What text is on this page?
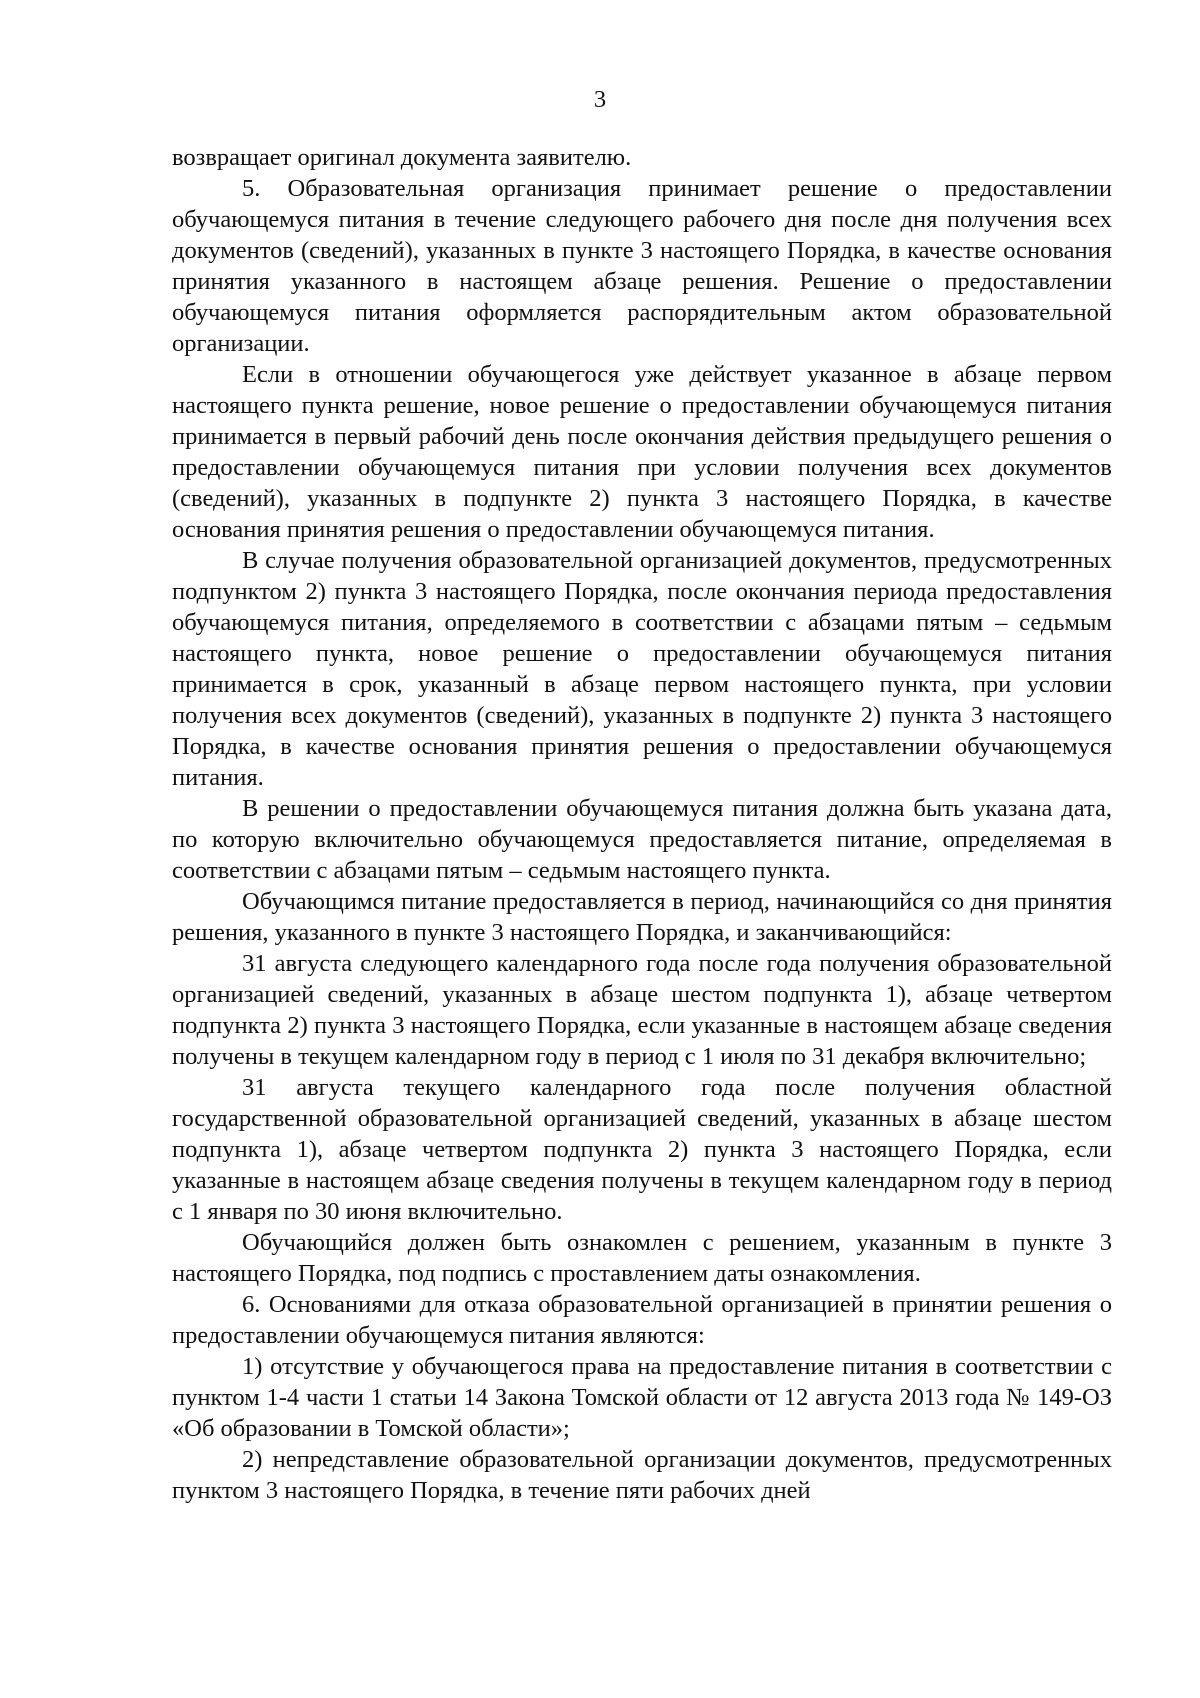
3

возвращает оригинал документа заявителю.

5. Образовательная организация принимает решение о предоставлении обучающемуся питания в течение следующего рабочего дня после дня получения всех документов (сведений), указанных в пункте 3 настоящего Порядка, в качестве основания принятия указанного в настоящем абзаце решения. Решение о предоставлении обучающемуся питания оформляется распорядительным актом образовательной организации.

Если в отношении обучающегося уже действует указанное в абзаце первом настоящего пункта решение, новое решение о предоставлении обучающемуся питания принимается в первый рабочий день после окончания действия предыдущего решения о предоставлении обучающемуся питания при условии получения всех документов (сведений), указанных в подпункте 2) пункта 3 настоящего Порядка, в качестве основания принятия решения о предоставлении обучающемуся питания.

В случае получения образовательной организацией документов, предусмотренных подпунктом 2) пункта 3 настоящего Порядка, после окончания периода предоставления обучающемуся питания, определяемого в соответствии с абзацами пятым – седьмым настоящего пункта, новое решение о предоставлении обучающемуся питания принимается в срок, указанный в абзаце первом настоящего пункта, при условии получения всех документов (сведений), указанных в подпункте 2) пункта 3 настоящего Порядка, в качестве основания принятия решения о предоставлении обучающемуся питания.

В решении о предоставлении обучающемуся питания должна быть указана дата, по которую включительно обучающемуся предоставляется питание, определяемая в соответствии с абзацами пятым – седьмым настоящего пункта.

Обучающимся питание предоставляется в период, начинающийся со дня принятия решения, указанного в пункте 3 настоящего Порядка, и заканчивающийся:

31 августа следующего календарного года после года получения образовательной организацией сведений, указанных в абзаце шестом подпункта 1), абзаце четвертом подпункта 2) пункта 3 настоящего Порядка, если указанные в настоящем абзаце сведения получены в текущем календарном году в период с 1 июля по 31 декабря включительно;

31 августа текущего календарного года после получения областной государственной образовательной организацией сведений, указанных в абзаце шестом подпункта 1), абзаце четвертом подпункта 2) пункта 3 настоящего Порядка, если указанные в настоящем абзаце сведения получены в текущем календарном году в период с 1 января по 30 июня включительно.

Обучающийся должен быть ознакомлен с решением, указанным в пункте 3 настоящего Порядка, под подпись с проставлением даты ознакомления.

6. Основаниями для отказа образовательной организацией в принятии решения о предоставлении обучающемуся питания являются:

1) отсутствие у обучающегося права на предоставление питания в соответствии с пунктом 1-4 части 1 статьи 14 Закона Томской области от 12 августа 2013 года № 149-ОЗ «Об образовании в Томской области»;

2) непредставление образовательной организации документов, предусмотренных пунктом 3 настоящего Порядка, в течение пяти рабочих дней
